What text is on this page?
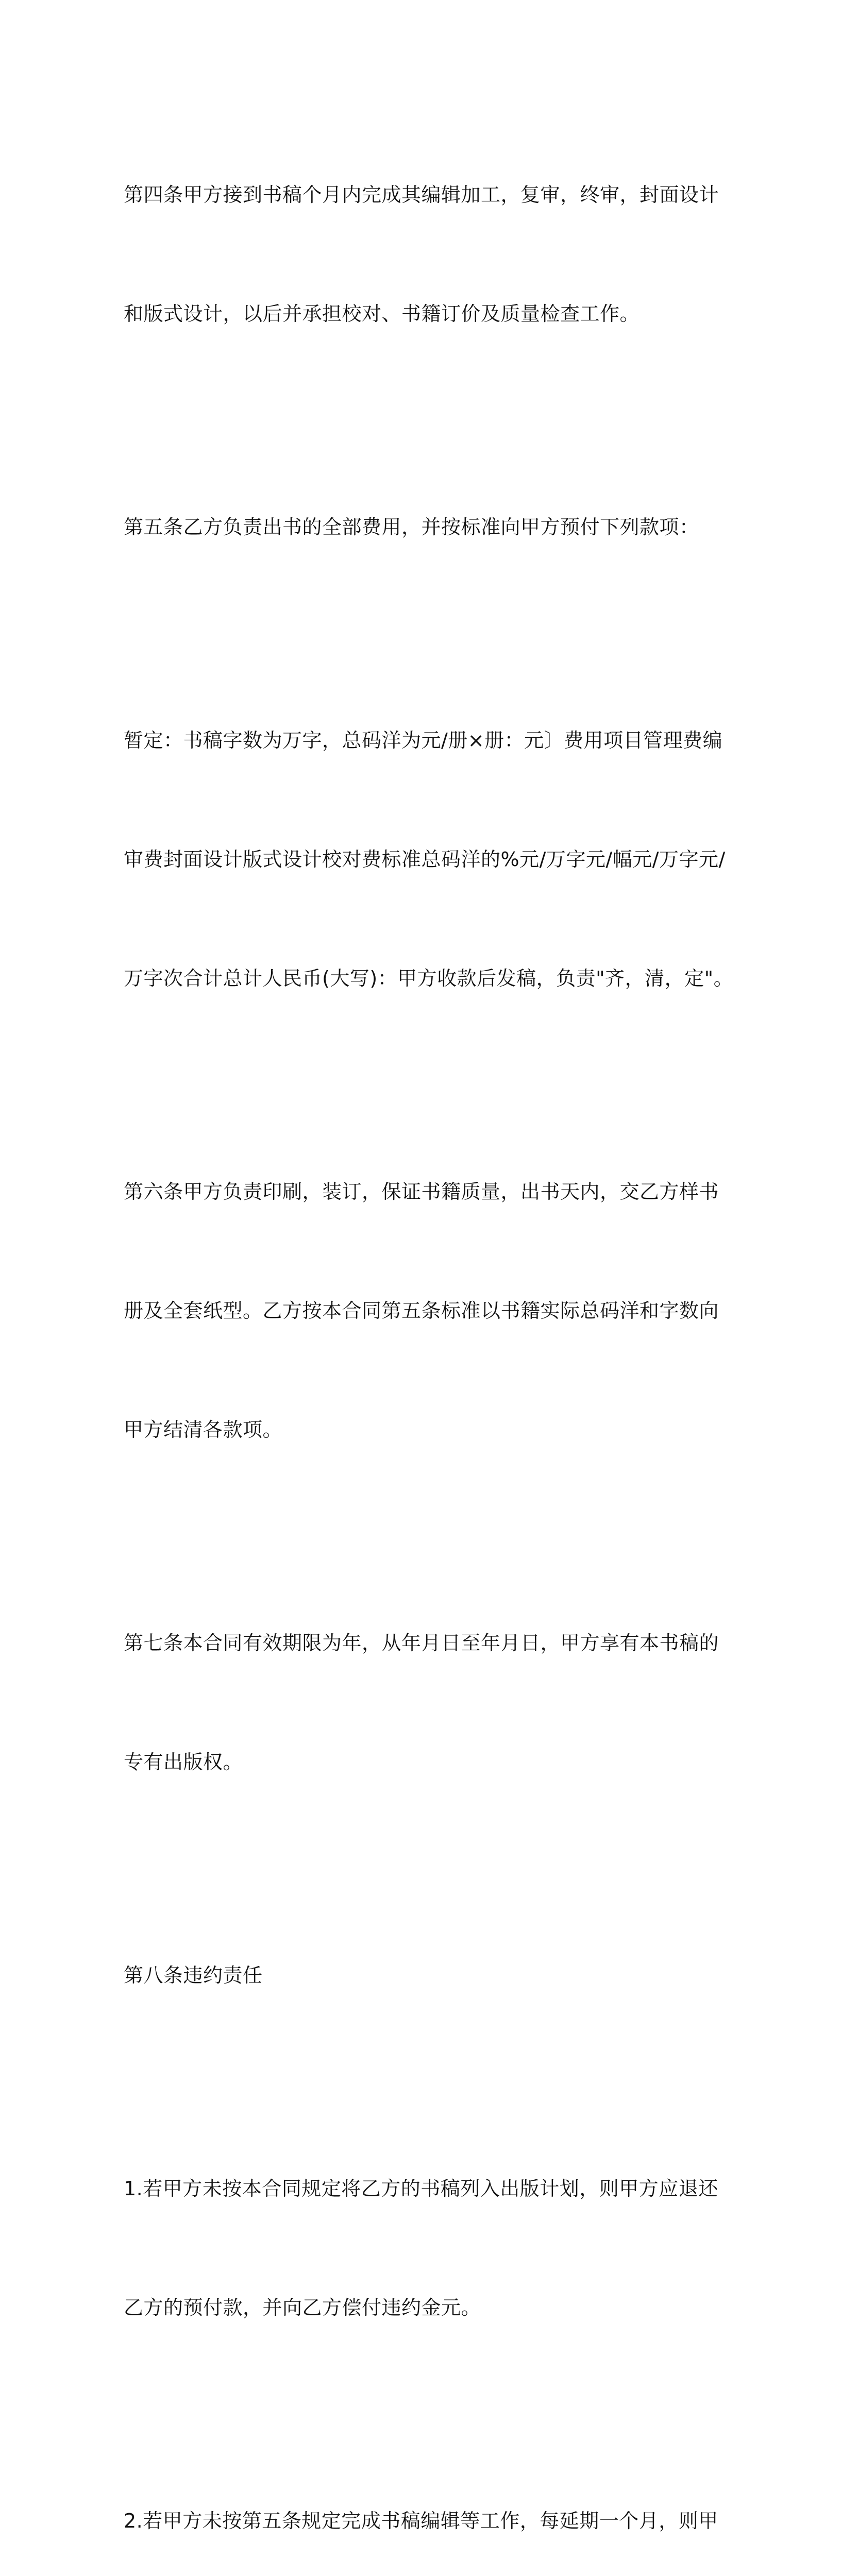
第四条甲方接到书稿个月内完成其编辑加工，复审，终审，封面设计

和版式设计，以后并承担校对、书籍订价及质量检查工作。

第五条乙方负责出书的全部费用，并按标准向甲方预付下列款项：

暂定：书稿字数为万字，总码洋为元/册×册：元〕费用项目管理费编

审费封面设计版式设计校对费标准总码洋的%元/万字元/幅元/万字元/

万字次合计总计人民币(大写)：甲方收款后发稿，负责"齐，清，定"。

第六条甲方负责印刷，装订，保证书籍质量，出书天内，交乙方样书

册及全套纸型。乙方按本合同第五条标准以书籍实际总码洋和字数向

甲方结清各款项。

第七条本合同有效期限为年，从年月日至年月日，甲方享有本书稿的

专有出版权。

第八条违约责任

1.若甲方未按本合同规定将乙方的书稿列入出版计划，则甲方应退还

乙方的预付款，并向乙方偿付违约金元。

2.若甲方未按第五条规定完成书稿编辑等工作，每延期一个月，则甲
